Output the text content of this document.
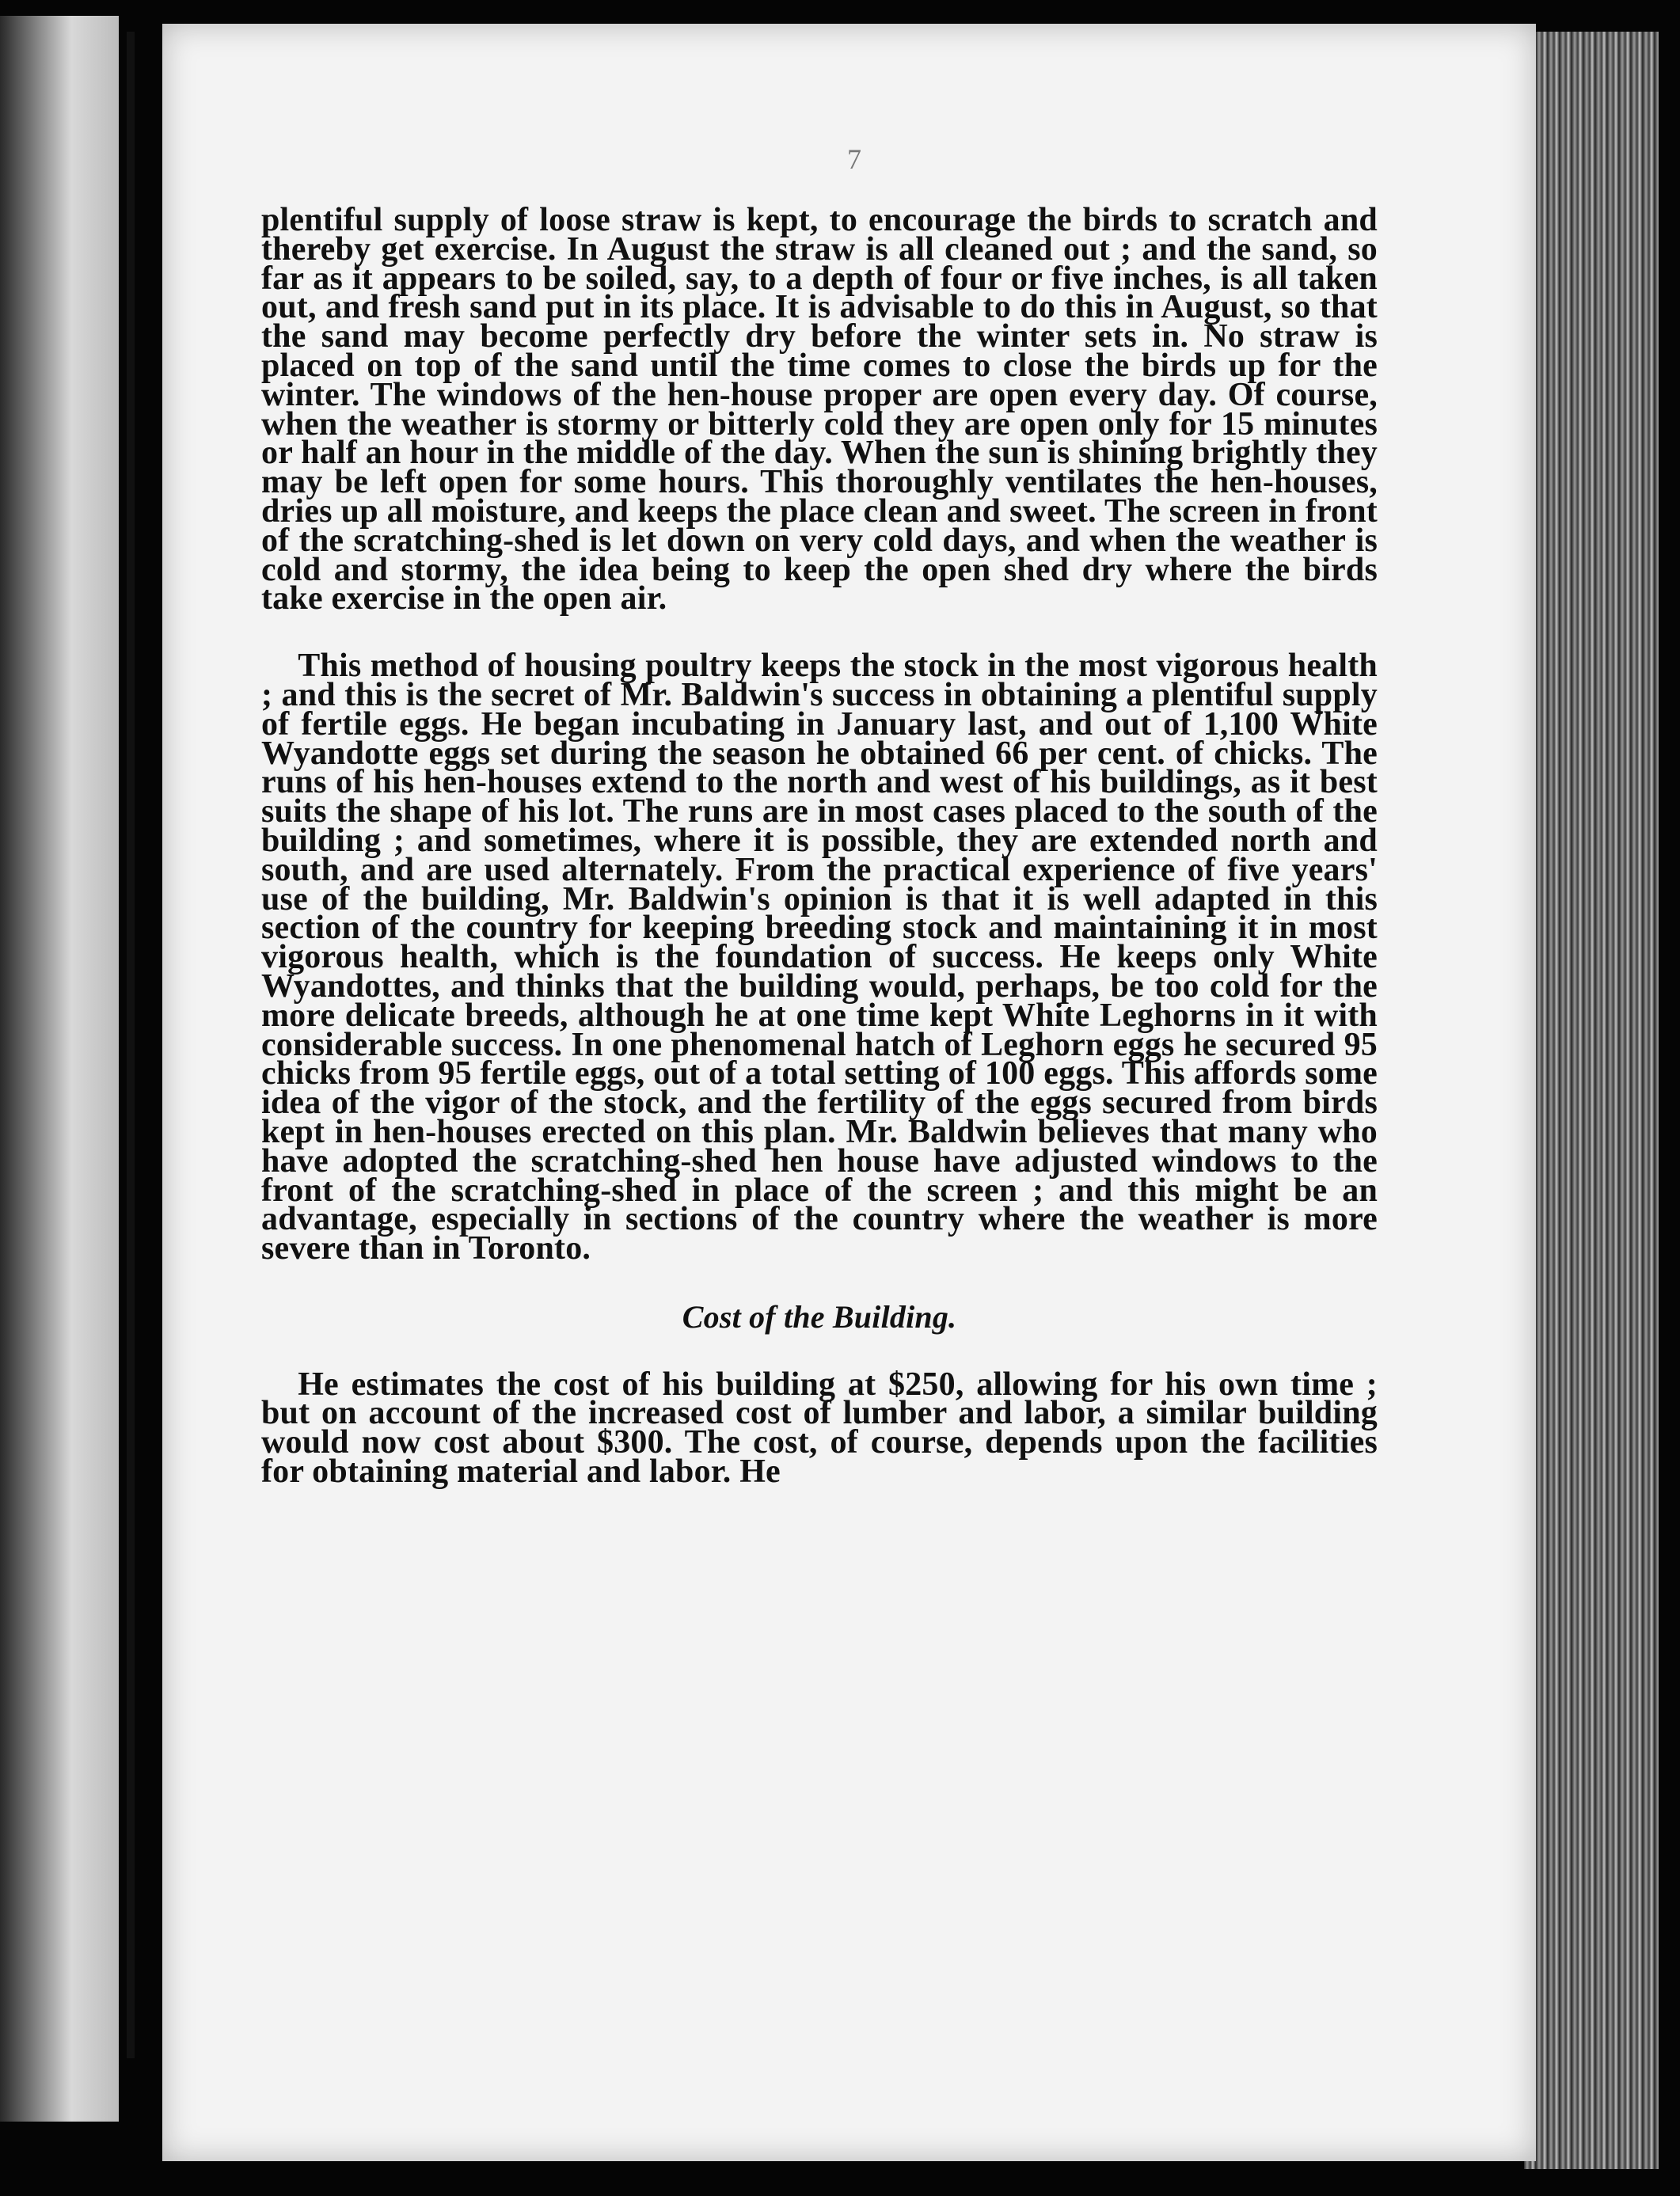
7

plentiful supply of loose straw is kept, to encourage the birds to scratch and thereby get exercise. In August the straw is all cleaned out ; and the sand, so far as it appears to be soiled, say, to a depth of four or five inches, is all taken out, and fresh sand put in its place. It is advisable to do this in August, so that the sand may become perfectly dry before the winter sets in. No straw is placed on top of the sand until the time comes to close the birds up for the winter. The windows of the hen-house proper are open every day. Of course, when the weather is stormy or bitterly cold they are open only for 15 minutes or half an hour in the middle of the day. When the sun is shining brightly they may be left open for some hours. This thoroughly ventilates the hen-houses, dries up all moisture, and keeps the place clean and sweet. The screen in front of the scratching-shed is let down on very cold days, and when the weather is cold and stormy, the idea being to keep the open shed dry where the birds take exercise in the open air.

This method of housing poultry keeps the stock in the most vigorous health ; and this is the secret of Mr. Baldwin's success in obtaining a plentiful supply of fertile eggs. He began incubating in January last, and out of 1,100 White Wyandotte eggs set during the season he obtained 66 per cent. of chicks. The runs of his hen-houses extend to the north and west of his buildings, as it best suits the shape of his lot. The runs are in most cases placed to the south of the building ; and sometimes, where it is possible, they are extended north and south, and are used alternately. From the practical experience of five years' use of the building, Mr. Baldwin's opinion is that it is well adapted in this section of the country for keeping breeding stock and maintaining it in most vigorous health, which is the foundation of success. He keeps only White Wyandottes, and thinks that the building would, perhaps, be too cold for the more delicate breeds, although he at one time kept White Leghorns in it with considerable success. In one phenomenal hatch of Leghorn eggs he secured 95 chicks from 95 fertile eggs, out of a total setting of 100 eggs. This affords some idea of the vigor of the stock, and the fertility of the eggs secured from birds kept in hen-houses erected on this plan. Mr. Baldwin believes that many who have adopted the scratching-shed hen house have adjusted windows to the front of the scratching-shed in place of the screen ; and this might be an advantage, especially in sections of the country where the weather is more severe than in Toronto.

Cost of the Building.

He estimates the cost of his building at $250, allowing for his own time ; but on account of the increased cost of lumber and labor, a similar building would now cost about $300. The cost, of course, depends upon the facilities for obtaining material and labor. He
